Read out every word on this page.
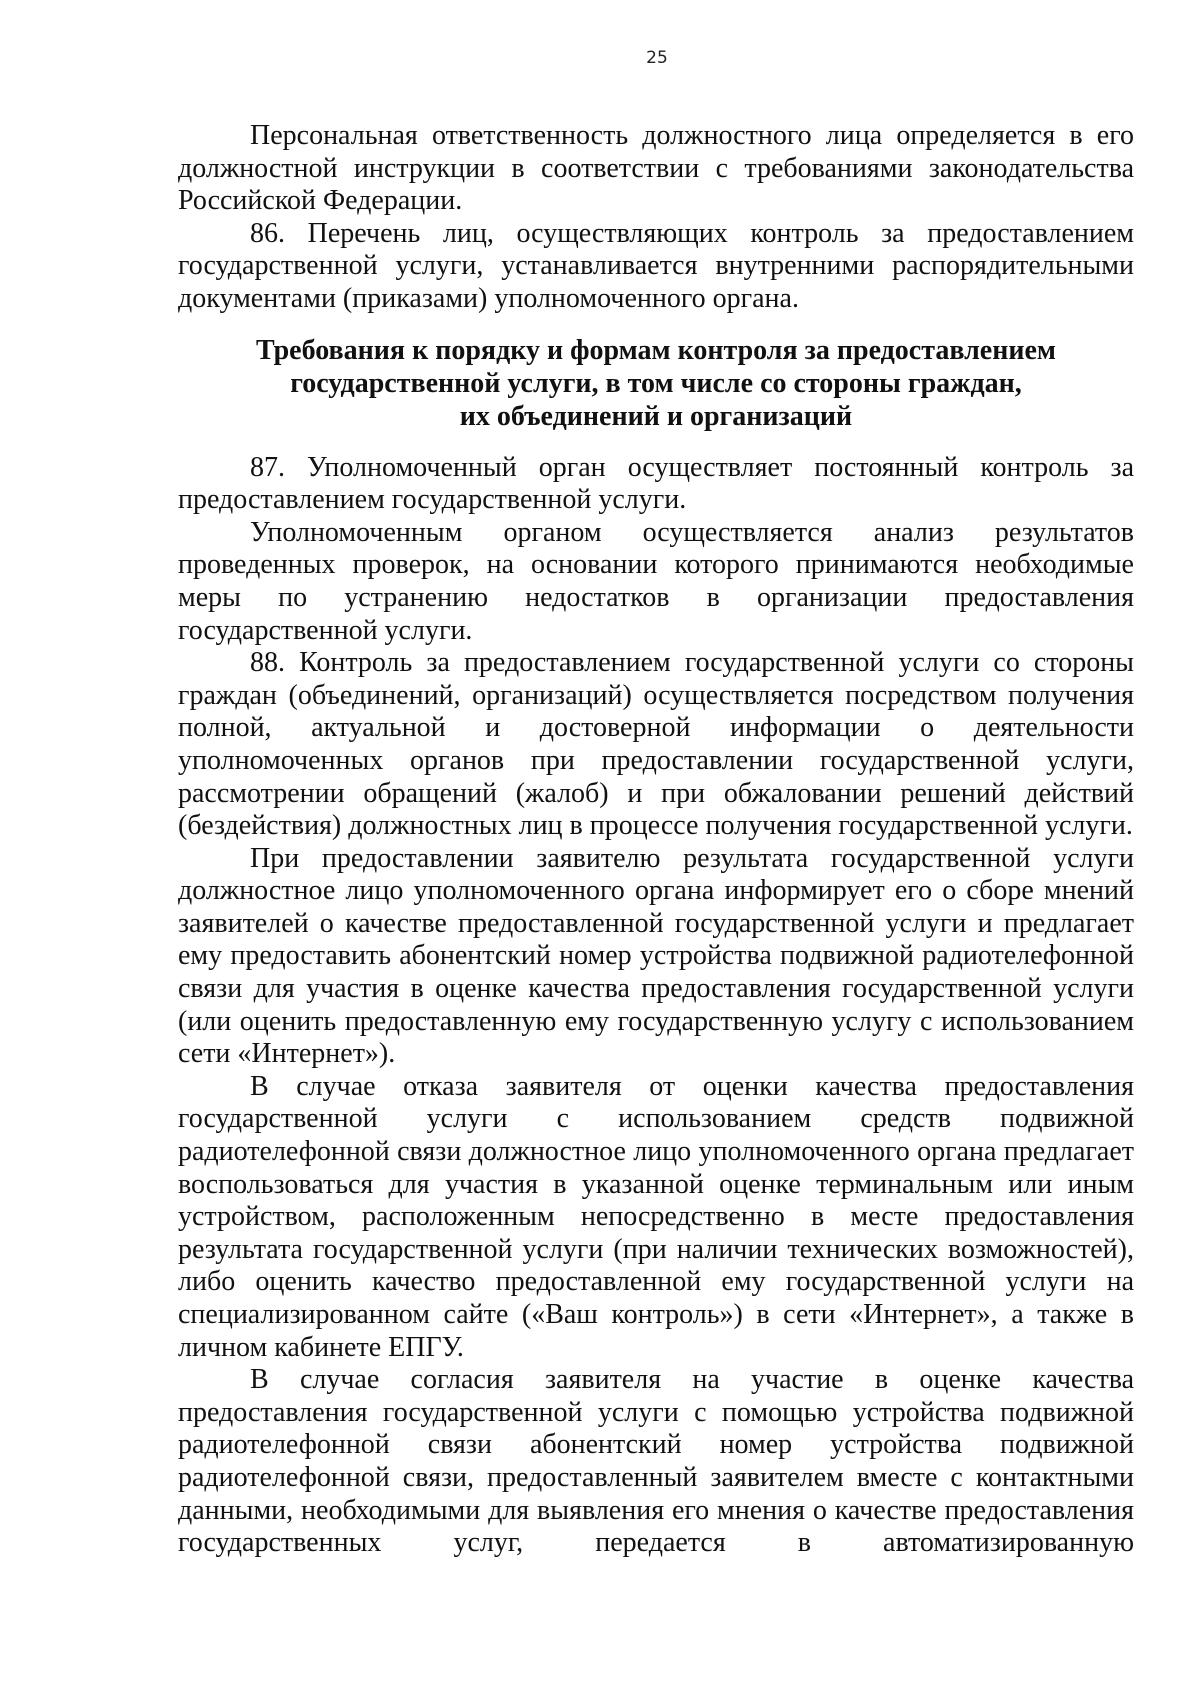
25

Персональная ответственность должностного лица определяется в его должностной инструкции в соответствии с требованиями законодательства Российской Федерации.

86. Перечень лиц, осуществляющих контроль за предоставлением государственной услуги, устанавливается внутренними распорядительными документами (приказами) уполномоченного органа.

Требования к порядку и формам контроля за предоставлением
государственной услуги, в том числе со стороны граждан,
их объединений и организаций

87. Уполномоченный орган осуществляет постоянный контроль за предоставлением государственной услуги.

Уполномоченным органом осуществляется анализ результатов проведенных проверок, на основании которого принимаются необходимые меры по устранению недостатков в организации предоставления государственной услуги.

88. Контроль за предоставлением государственной услуги со стороны граждан (объединений, организаций) осуществляется посредством получения полной, актуальной и достоверной информации о деятельности уполномоченных органов при предоставлении государственной услуги, рассмотрении обращений (жалоб) и при обжаловании решений действий (бездействия) должностных лиц в процессе получения государственной услуги.

При предоставлении заявителю результата государственной услуги должностное лицо уполномоченного органа информирует его о сборе мнений заявителей о качестве предоставленной государственной услуги и предлагает ему предоставить абонентский номер устройства подвижной радиотелефонной связи для участия в оценке качества предоставления государственной услуги (или оценить предоставленную ему государственную услугу с использованием сети «Интернет»).

В случае отказа заявителя от оценки качества предоставления государственной услуги с использованием средств подвижной радиотелефонной связи должностное лицо уполномоченного органа предлагает воспользоваться для участия в указанной оценке терминальным или иным устройством, расположенным непосредственно в месте предоставления результата государственной услуги (при наличии технических возможностей), либо оценить качество предоставленной ему государственной услуги на специализированном сайте («Ваш контроль») в сети «Интернет», а также в личном кабинете ЕПГУ.

В случае согласия заявителя на участие в оценке качества предоставления государственной услуги с помощью устройства подвижной радиотелефонной связи абонентский номер устройства подвижной радиотелефонной связи, предоставленный заявителем вместе с контактными данными, необходимыми для выявления его мнения о качестве предоставления государственных услуг, передается в автоматизированную
